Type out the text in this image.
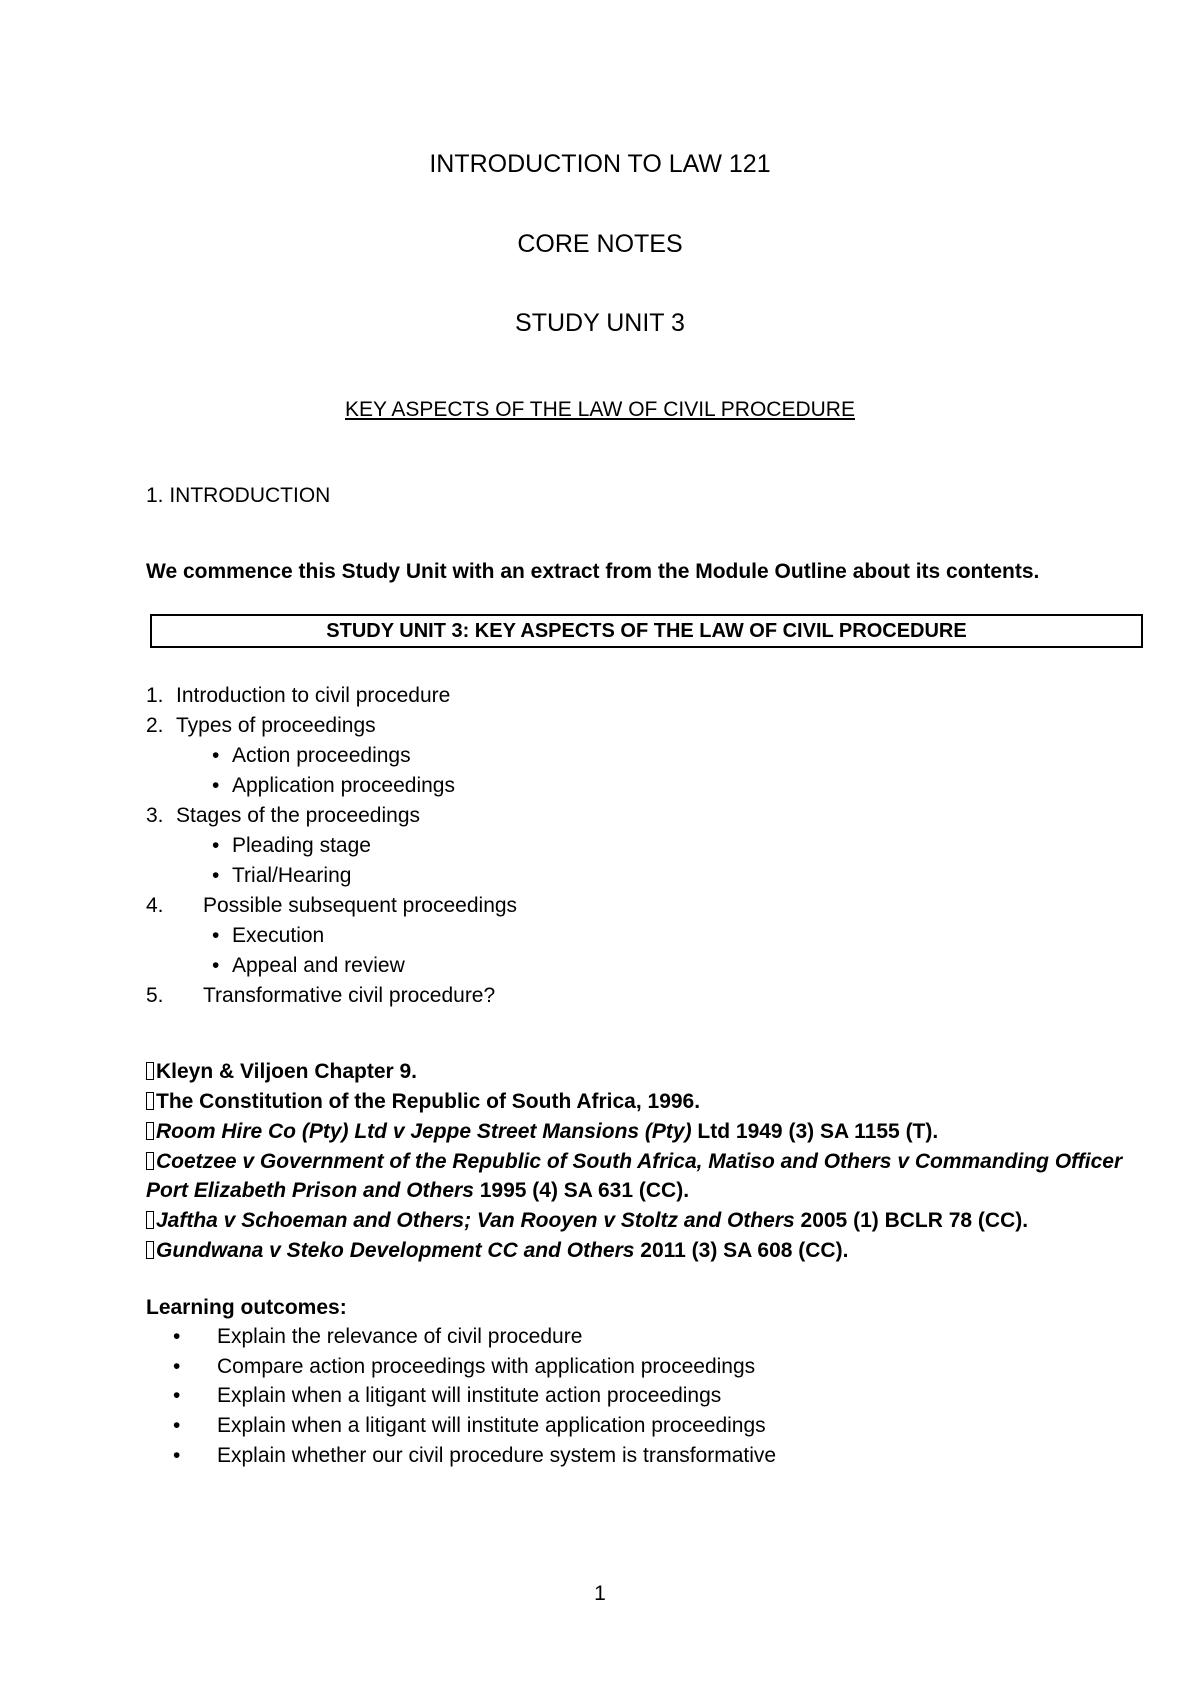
INTRODUCTION TO LAW 121
CORE NOTES
STUDY UNIT 3
KEY ASPECTS OF THE LAW OF CIVIL PROCEDURE
1. INTRODUCTION
We commence this Study Unit with an extract from the Module Outline about its contents.
STUDY UNIT 3: KEY ASPECTS OF THE LAW OF CIVIL PROCEDURE
1. Introduction to civil procedure
2. Types of proceedings
• Action proceedings
• Application proceedings
3. Stages of the proceedings
• Pleading stage
• Trial/Hearing
4. Possible subsequent proceedings
• Execution
• Appeal and review
5. Transformative civil procedure?
Kleyn & Viljoen Chapter 9.
The Constitution of the Republic of South Africa, 1996.
Room Hire Co (Pty) Ltd v Jeppe Street Mansions (Pty) Ltd 1949 (3) SA 1155 (T).
Coetzee v Government of the Republic of South Africa, Matiso and Others v Commanding Officer
Port Elizabeth Prison and Others 1995 (4) SA 631 (CC).
Jaftha v Schoeman and Others; Van Rooyen v Stoltz and Others 2005 (1) BCLR 78 (CC).
Gundwana v Steko Development CC and Others 2011 (3) SA 608 (CC).
Learning outcomes:
• Explain the relevance of civil procedure
• Compare action proceedings with application proceedings
• Explain when a litigant will institute action proceedings
• Explain when a litigant will institute application proceedings
• Explain whether our civil procedure system is transformative
1
